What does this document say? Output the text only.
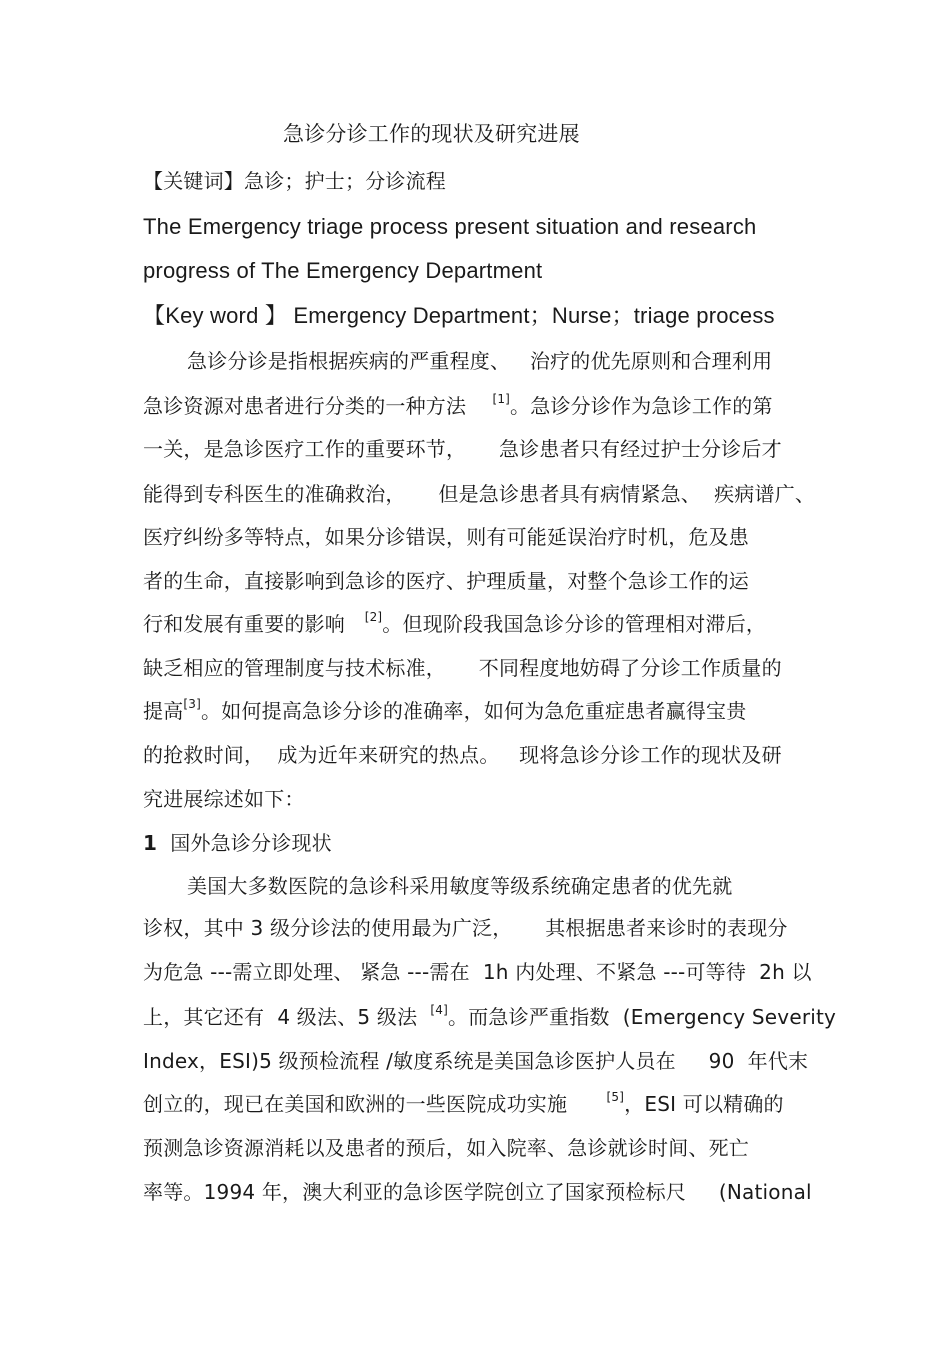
急诊分诊工作的现状及研究进展
【关键词】急诊；护士；分诊流程
The Emergency triage process present situation and research
progress of The Emergency Department
【Key word 】 Emergency Department；Nurse；triage process
急诊分诊是指根据疾病的严重程度、   治疗的优先原则和合理利用
急诊资源对患者进行分类的一种方法    [1]。急诊分诊作为急诊工作的第
一关，是急诊医疗工作的重要环节，     急诊患者只有经过护士分诊后才
能得到专科医生的准确救治，     但是急诊患者具有病情紧急、  疾病谱广、
医疗纠纷多等特点，如果分诊错误，则有可能延误治疗时机，危及患
者的生命，直接影响到急诊的医疗、护理质量，对整个急诊工作的运
行和发展有重要的影响   [2]。但现阶段我国急诊分诊的管理相对滞后，
缺乏相应的管理制度与技术标准，     不同程度地妨碍了分诊工作质量的
提高[3]。如何提高急诊分诊的准确率，如何为急危重症患者赢得宝贵
的抢救时间，  成为近年来研究的热点。   现将急诊分诊工作的现状及研
究进展综述如下：
1  国外急诊分诊现状
美国大多数医院的急诊科采用敏度等级系统确定患者的优先就
诊权，其中 3 级分诊法的使用最为广泛，     其根据患者来诊时的表现分
为危急 ---需立即处理、 紧急 ---需在  1h 内处理、不紧急 ---可等待  2h 以
上，其它还有  4 级法、5 级法  [4]。而急诊严重指数  (Emergency Severity
Index，ESI)5 级预检流程 /敏度系统是美国急诊医护人员在     90  年代末
创立的，现已在美国和欧洲的一些医院成功实施      [5]，ESI 可以精确的
预测急诊资源消耗以及患者的预后，如入院率、急诊就诊时间、死亡
率等。1994 年，澳大利亚的急诊医学院创立了国家预检标尺     (National
